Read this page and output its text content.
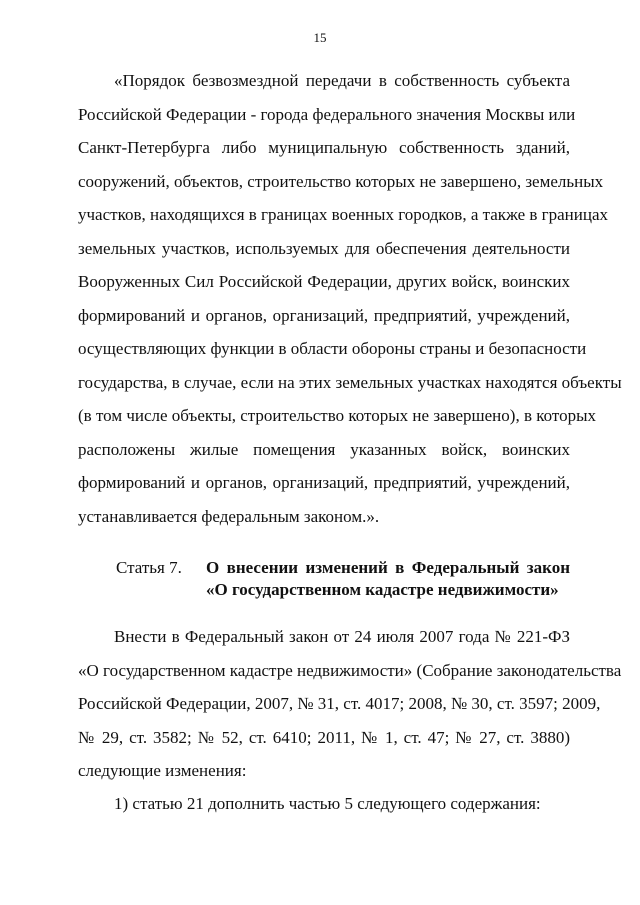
15
«Порядок безвозмездной передачи в собственность субъекта
Российской Федерации - города федерального значения Москвы или
Санкт-Петербурга либо муниципальную собственность зданий,
сооружений, объектов, строительство которых не завершено, земельных
участков, находящихся в границах военных городков, а также в границах
земельных участков, используемых для обеспечения деятельности
Вооруженных Сил Российской Федерации, других войск, воинских
формирований и органов, организаций, предприятий, учреждений,
осуществляющих функции в области обороны страны и безопасности
государства, в случае, если на этих земельных участках находятся объекты
(в том числе объекты, строительство которых не завершено), в которых
расположены жилые помещения указанных войск, воинских
формирований и органов, организаций, предприятий, учреждений,
устанавливается федеральным законом.».
Статья 7.	О внесении изменений в Федеральный закон
«О государственном кадастре недвижимости»
Внести в Федеральный закон от 24 июля 2007 года № 221-ФЗ
«О государственном кадастре недвижимости» (Собрание законодательства
Российской Федерации, 2007, № 31, ст. 4017; 2008, № 30, ст. 3597; 2009,
№ 29, ст. 3582; № 52, ст. 6410; 2011, № 1, ст. 47; № 27, ст. 3880)
следующие изменения:
1) статью 21 дополнить частью 5 следующего содержания:
